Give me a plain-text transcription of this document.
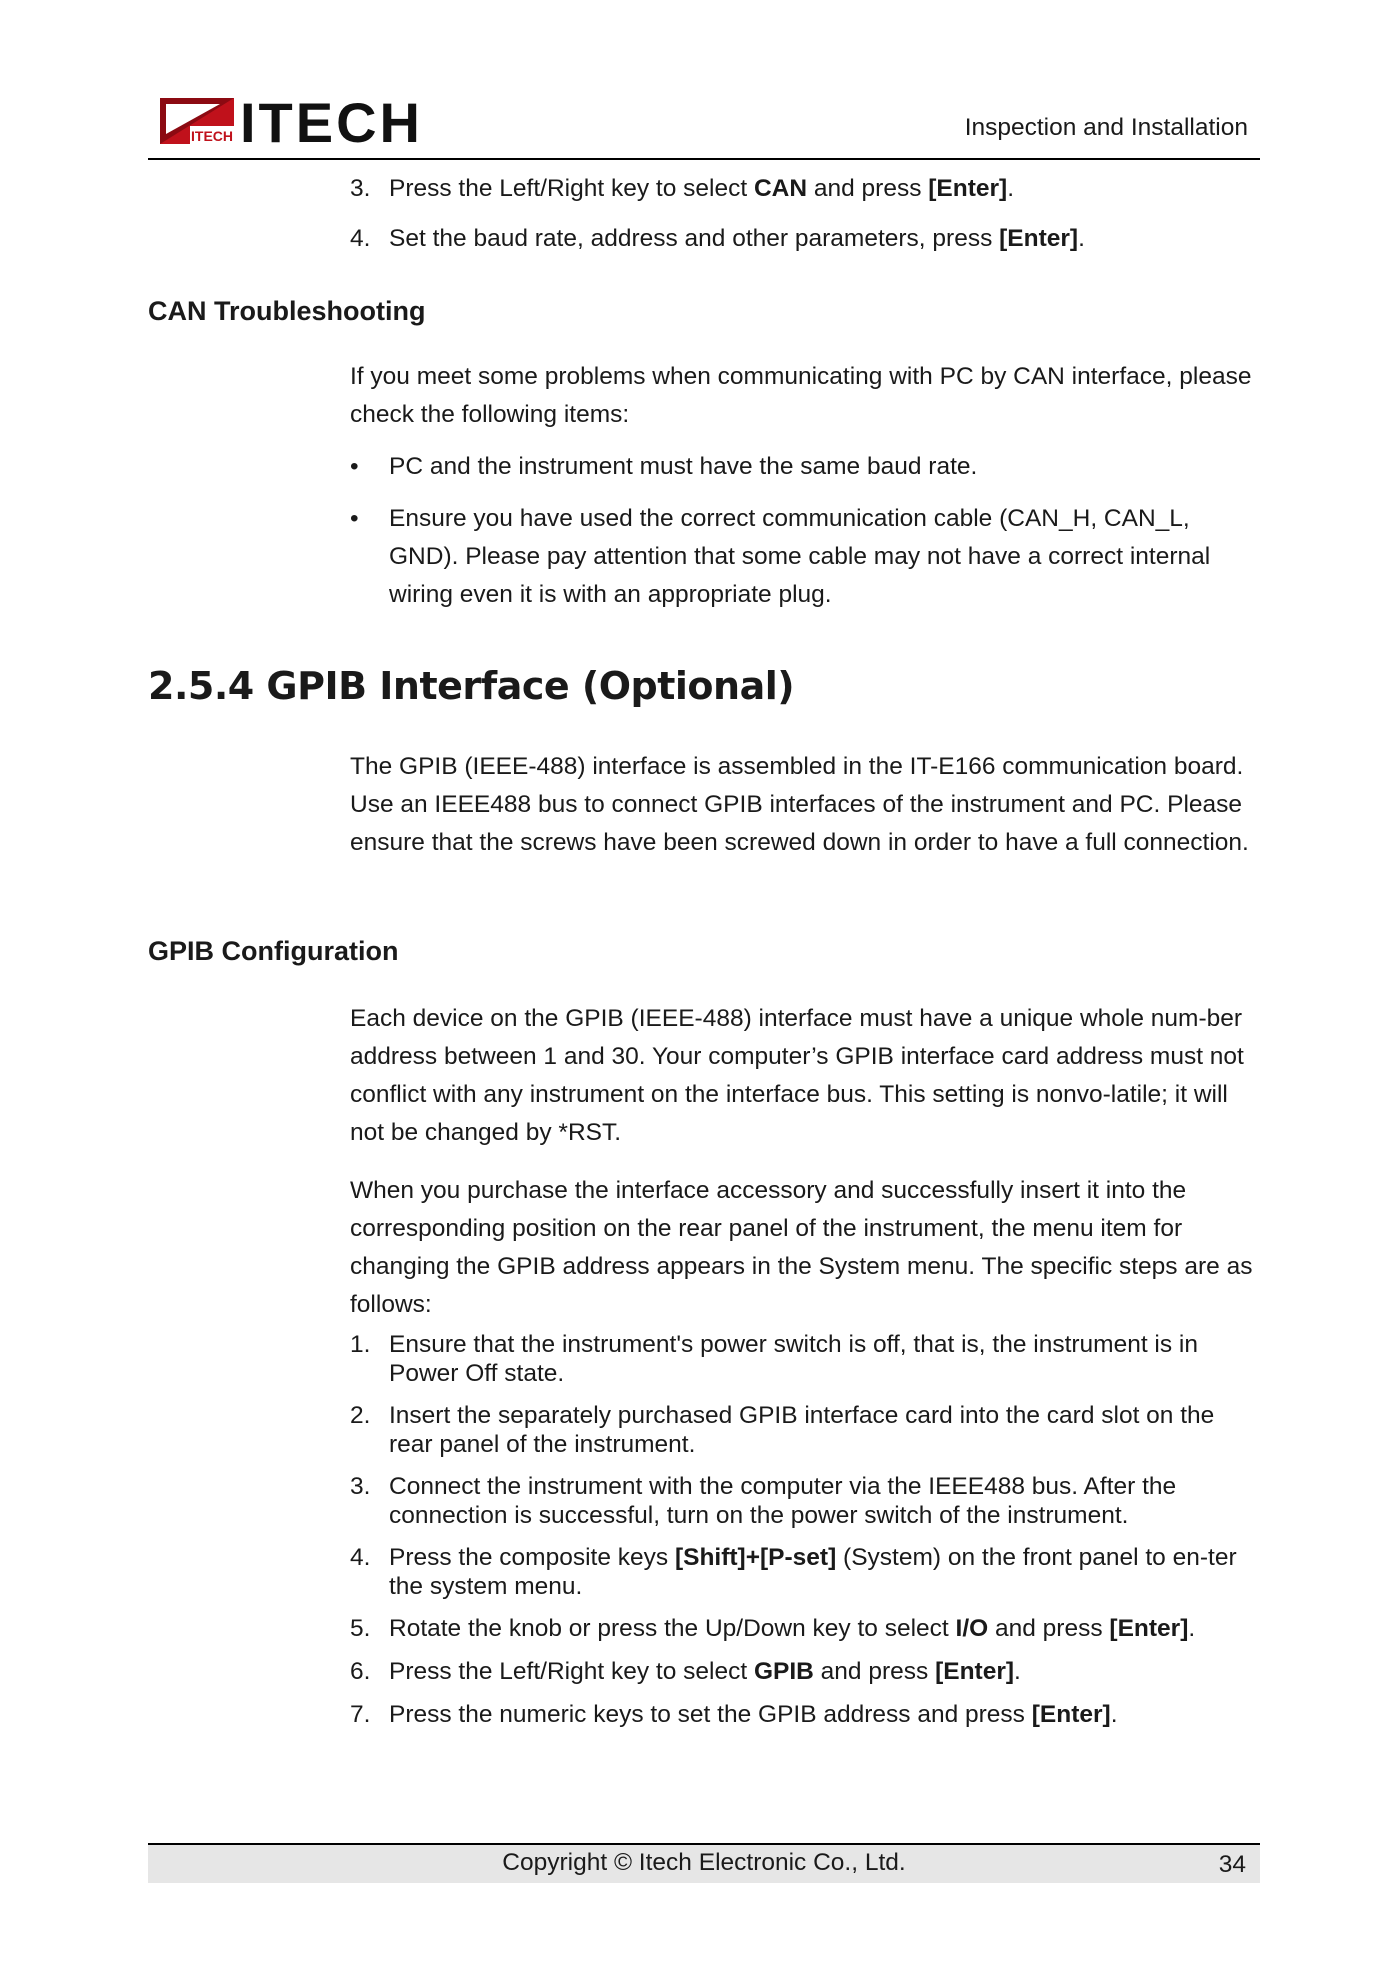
ITECH ITECH	Inspection and Installation
3. Press the Left/Right key to select CAN and press [Enter].
4. Set the baud rate, address and other parameters, press [Enter].
CAN Troubleshooting

If you meet some problems when communicating with PC by CAN interface, please check the following items:

•	PC and the instrument must have the same baud rate.
•	Ensure you have used the correct communication cable (CAN_H, CAN_L, GND). Please pay attention that some cable may not have a correct internal wiring even it is with an appropriate plug.
2.5.4 GPIB Interface (Optional)

The GPIB (IEEE-488) interface is assembled in the IT-E166 communication board. Use an IEEE488 bus to connect GPIB interfaces of the instrument and PC. Please ensure that the screws have been screwed down in order to have a full connection.

GPIB Configuration

Each device on the GPIB (IEEE-488) interface must have a unique whole num-ber address between 1 and 30. Your computer’s GPIB interface card address must not conflict with any instrument on the interface bus. This setting is nonvo-latile; it will not be changed by *RST.

When you purchase the interface accessory and successfully insert it into the corresponding position on the rear panel of the instrument, the menu item for changing the GPIB address appears in the System menu. The specific steps are as follows:

1. Ensure that the instrument's power switch is off, that is, the instrument is in Power Off state.
2. Insert the separately purchased GPIB interface card into the card slot on the rear panel of the instrument.
3. Connect the instrument with the computer via the IEEE488 bus. After the connection is successful, turn on the power switch of the instrument.
4. Press the composite keys [Shift]+[P-set] (System) on the front panel to en-ter the system menu.
5. Rotate the knob or press the Up/Down key to select I/O and press [Enter].
6. Press the Left/Right key to select GPIB and press [Enter].
7. Press the numeric keys to set the GPIB address and press [Enter].
Copyright © Itech Electronic Co., Ltd.	34
